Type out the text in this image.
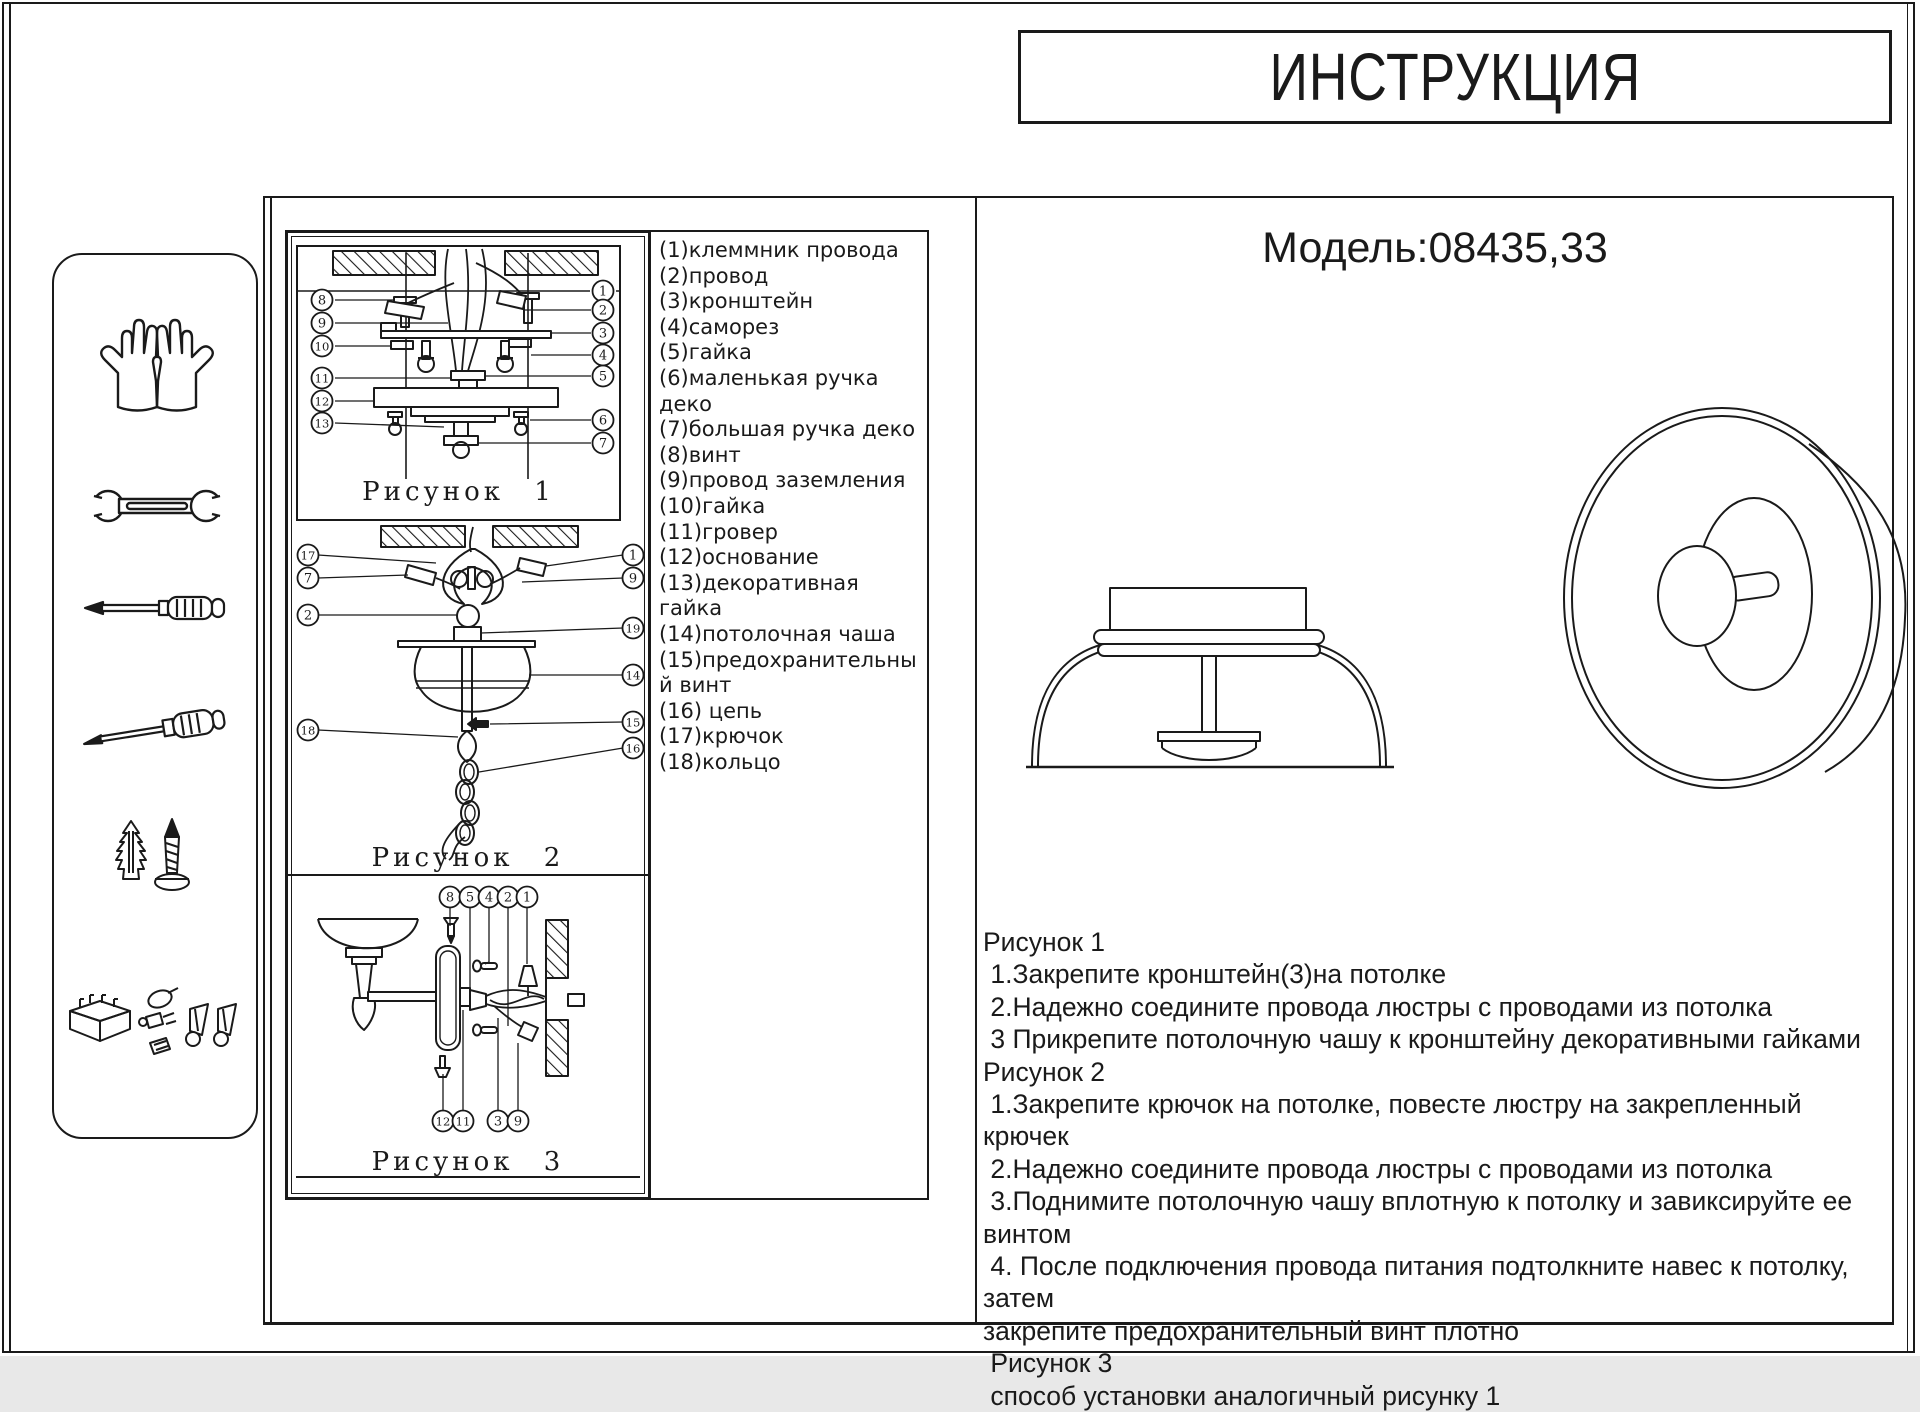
ИНСТРУКЦИЯ
8
9
10
11
12
13
1
2
3
4
5
6
7
Рисунок 1
17
7
2
18
1
9
19
14
15
16
Рисунок 2
8 5 4 2 1
12 11 3 9
Рисунок 3
(1)клеммник провода
(2)провод
(3)кронштейн
(4)саморез
(5)гайка
(6)маленькая ручка деко
(7)большая ручка деко
(8)винт
(9)провод заземления
(10)гайка
(11)гровер
(12)основание
(13)декоративная гайка
(14)потолочная чаша
(15)предохранительный винт
(16) цепь
(17)крючок
(18)кольцо
Модель:08435,33
Рисунок 1
1.Закрепите кронштейн(3)на потолке
2.Надежно соедините провода люстры с проводами из потолка
3 Прикрепите потолочную чашу к кронштейну декоративными гайками
Рисунок 2
1.Закрепите крючок на потолке, повесте люстру на закрепленный крючек
2.Надежно соедините провода люстры с проводами из потолка
3.Поднимите потолочную чашу вплотную к потолку и завиксируйте ее винтом
4. После подключения провода питания подтолкните навес к потолку, затем
закрепите предохранительный винт плотно
Рисунок 3
способ установки аналогичный рисунку 1
